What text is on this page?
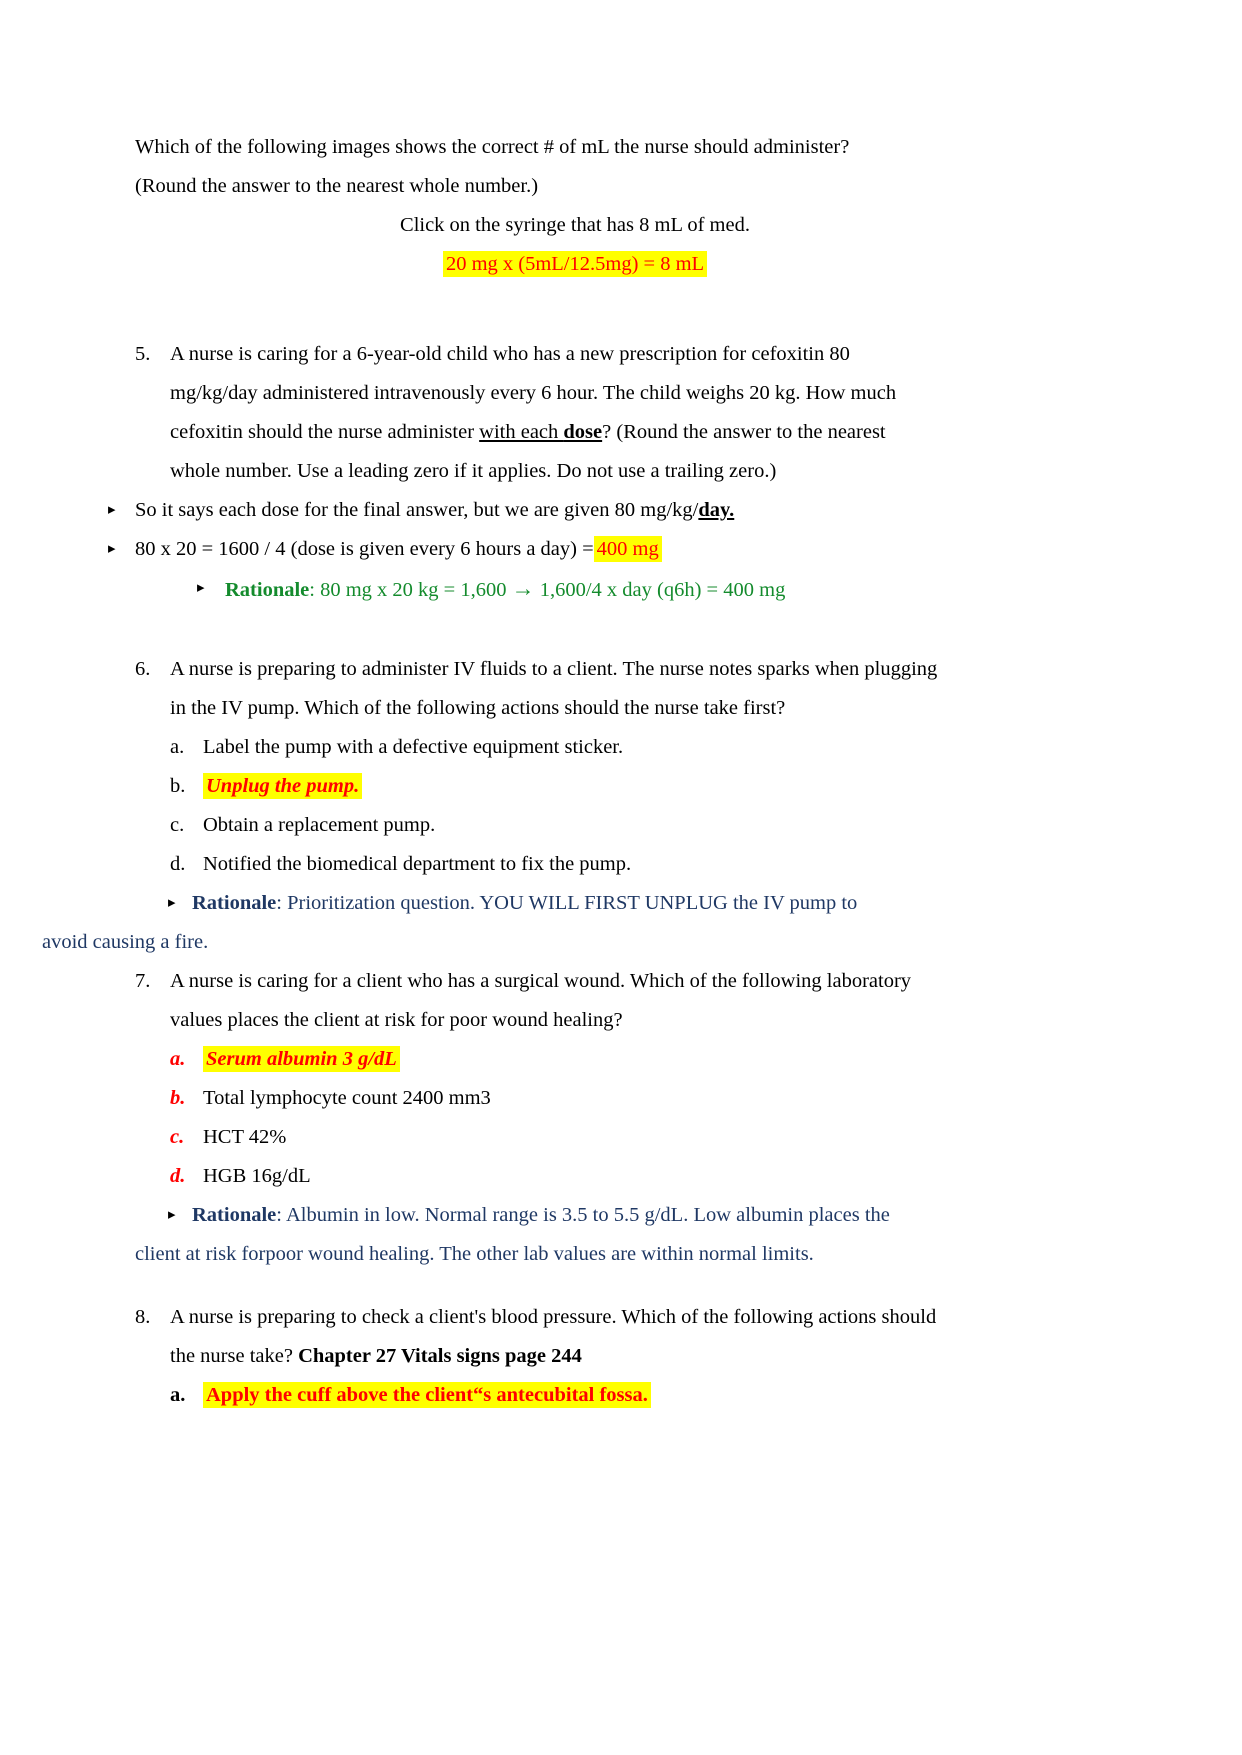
Which of the following images shows the correct # of mL the nurse should administer?
(Round the answer to the nearest whole number.)
Click on the syringe that has 8 mL of med.
20 mg x (5mL/12.5mg) = 8 mL
5. A nurse is caring for a 6-year-old child who has a new prescription for cefoxitin 80
mg/kg/day administered intravenously every 6 hour. The child weighs 20 kg. How much
cefoxitin should the nurse administer with each dose? (Round the answer to the nearest
whole number. Use a leading zero if it applies. Do not use a trailing zero.)
▸ So it says each dose for the final answer, but we are given 80 mg/kg/day.
▸ 80 x 20 = 1600 / 4 (dose is given every 6 hours a day) = 400 mg
▸ Rationale: 80 mg x 20 kg = 1,600 → 1,600/4 x day (q6h) = 400 mg
6. A nurse is preparing to administer IV fluids to a client. The nurse notes sparks when plugging
in the IV pump. Which of the following actions should the nurse take first?
a. Label the pump with a defective equipment sticker.
b. Unplug the pump.
c. Obtain a replacement pump.
d. Notified the biomedical department to fix the pump.
▸ Rationale: Prioritization question. YOU WILL FIRST UNPLUG the IV pump to
avoid causing a fire.
7. A nurse is caring for a client who has a surgical wound. Which of the following laboratory
values places the client at risk for poor wound healing?
a. Serum albumin 3 g/dL
b. Total lymphocyte count 2400 mm3
c. HCT 42%
d. HGB 16g/dL
▸ Rationale: Albumin in low. Normal range is 3.5 to 5.5 g/dL. Low albumin places the
client at risk forpoor wound healing. The other lab values are within normal limits.
8. A nurse is preparing to check a client's blood pressure. Which of the following actions should
the nurse take? Chapter 27 Vitals signs page 244
a. Apply the cuff above the client“s antecubital fossa.
